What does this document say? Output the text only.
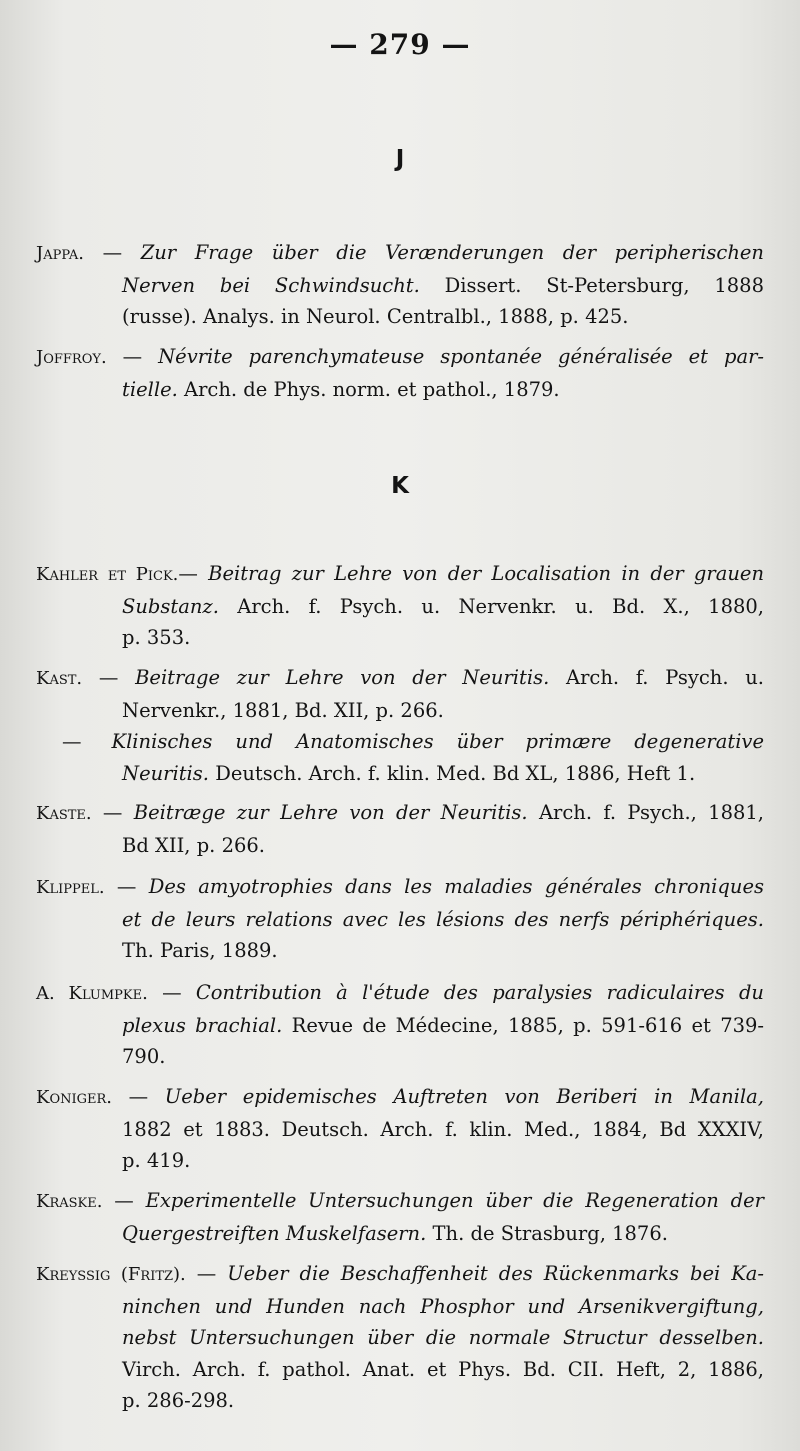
— 279 —
J
Jappa. — Zur Frage über die Verænderungen der peripherischen
Nerven bei Schwindsucht. Dissert. St-Petersburg, 1888
(russe). Analys. in Neurol. Centralbl., 1888, p. 425.
Joffroy. — Névrite parenchymateuse spontanée généralisée et par-
tielle. Arch. de Phys. norm. et pathol., 1879.
K
Kahler et Pick.— Beitrag zur Lehre von der Localisation in der grauen
Substanz. Arch. f. Psych. u. Nervenkr. u. Bd. X., 1880,
p. 353.
Kast. — Beitrage zur Lehre von der Neuritis. Arch. f. Psych. u.
Nervenkr., 1881, Bd. XII, p. 266.
— Klinisches und Anatomisches über primære degenerative
Neuritis. Deutsch. Arch. f. klin. Med. Bd XL, 1886, Heft 1.
Kaste. — Beitræge zur Lehre von der Neuritis. Arch. f. Psych., 1881,
Bd XII, p. 266.
Klippel. — Des amyotrophies dans les maladies générales chroniques
et de leurs relations avec les lésions des nerfs périphériques.
Th. Paris, 1889.
A. Klumpke. — Contribution à l'étude des paralysies radiculaires du
plexus brachial. Revue de Médecine, 1885, p. 591-616 et 739-
790.
Koniger. — Ueber epidemisches Auftreten von Beriberi in Manila,
1882 et 1883. Deutsch. Arch. f. klin. Med., 1884, Bd XXXIV,
p. 419.
Kraske. — Experimentelle Untersuchungen über die Regeneration der
Quergestreiften Muskelfasern. Th. de Strasburg, 1876.
Kreyssig (Fritz). — Ueber die Beschaffenheit des Rückenmarks bei Ka-
ninchen und Hunden nach Phosphor und Arsenikvergiftung,
nebst Untersuchungen über die normale Structur desselben.
Virch. Arch. f. pathol. Anat. et Phys. Bd. CII. Heft, 2, 1886,
p. 286-298.
